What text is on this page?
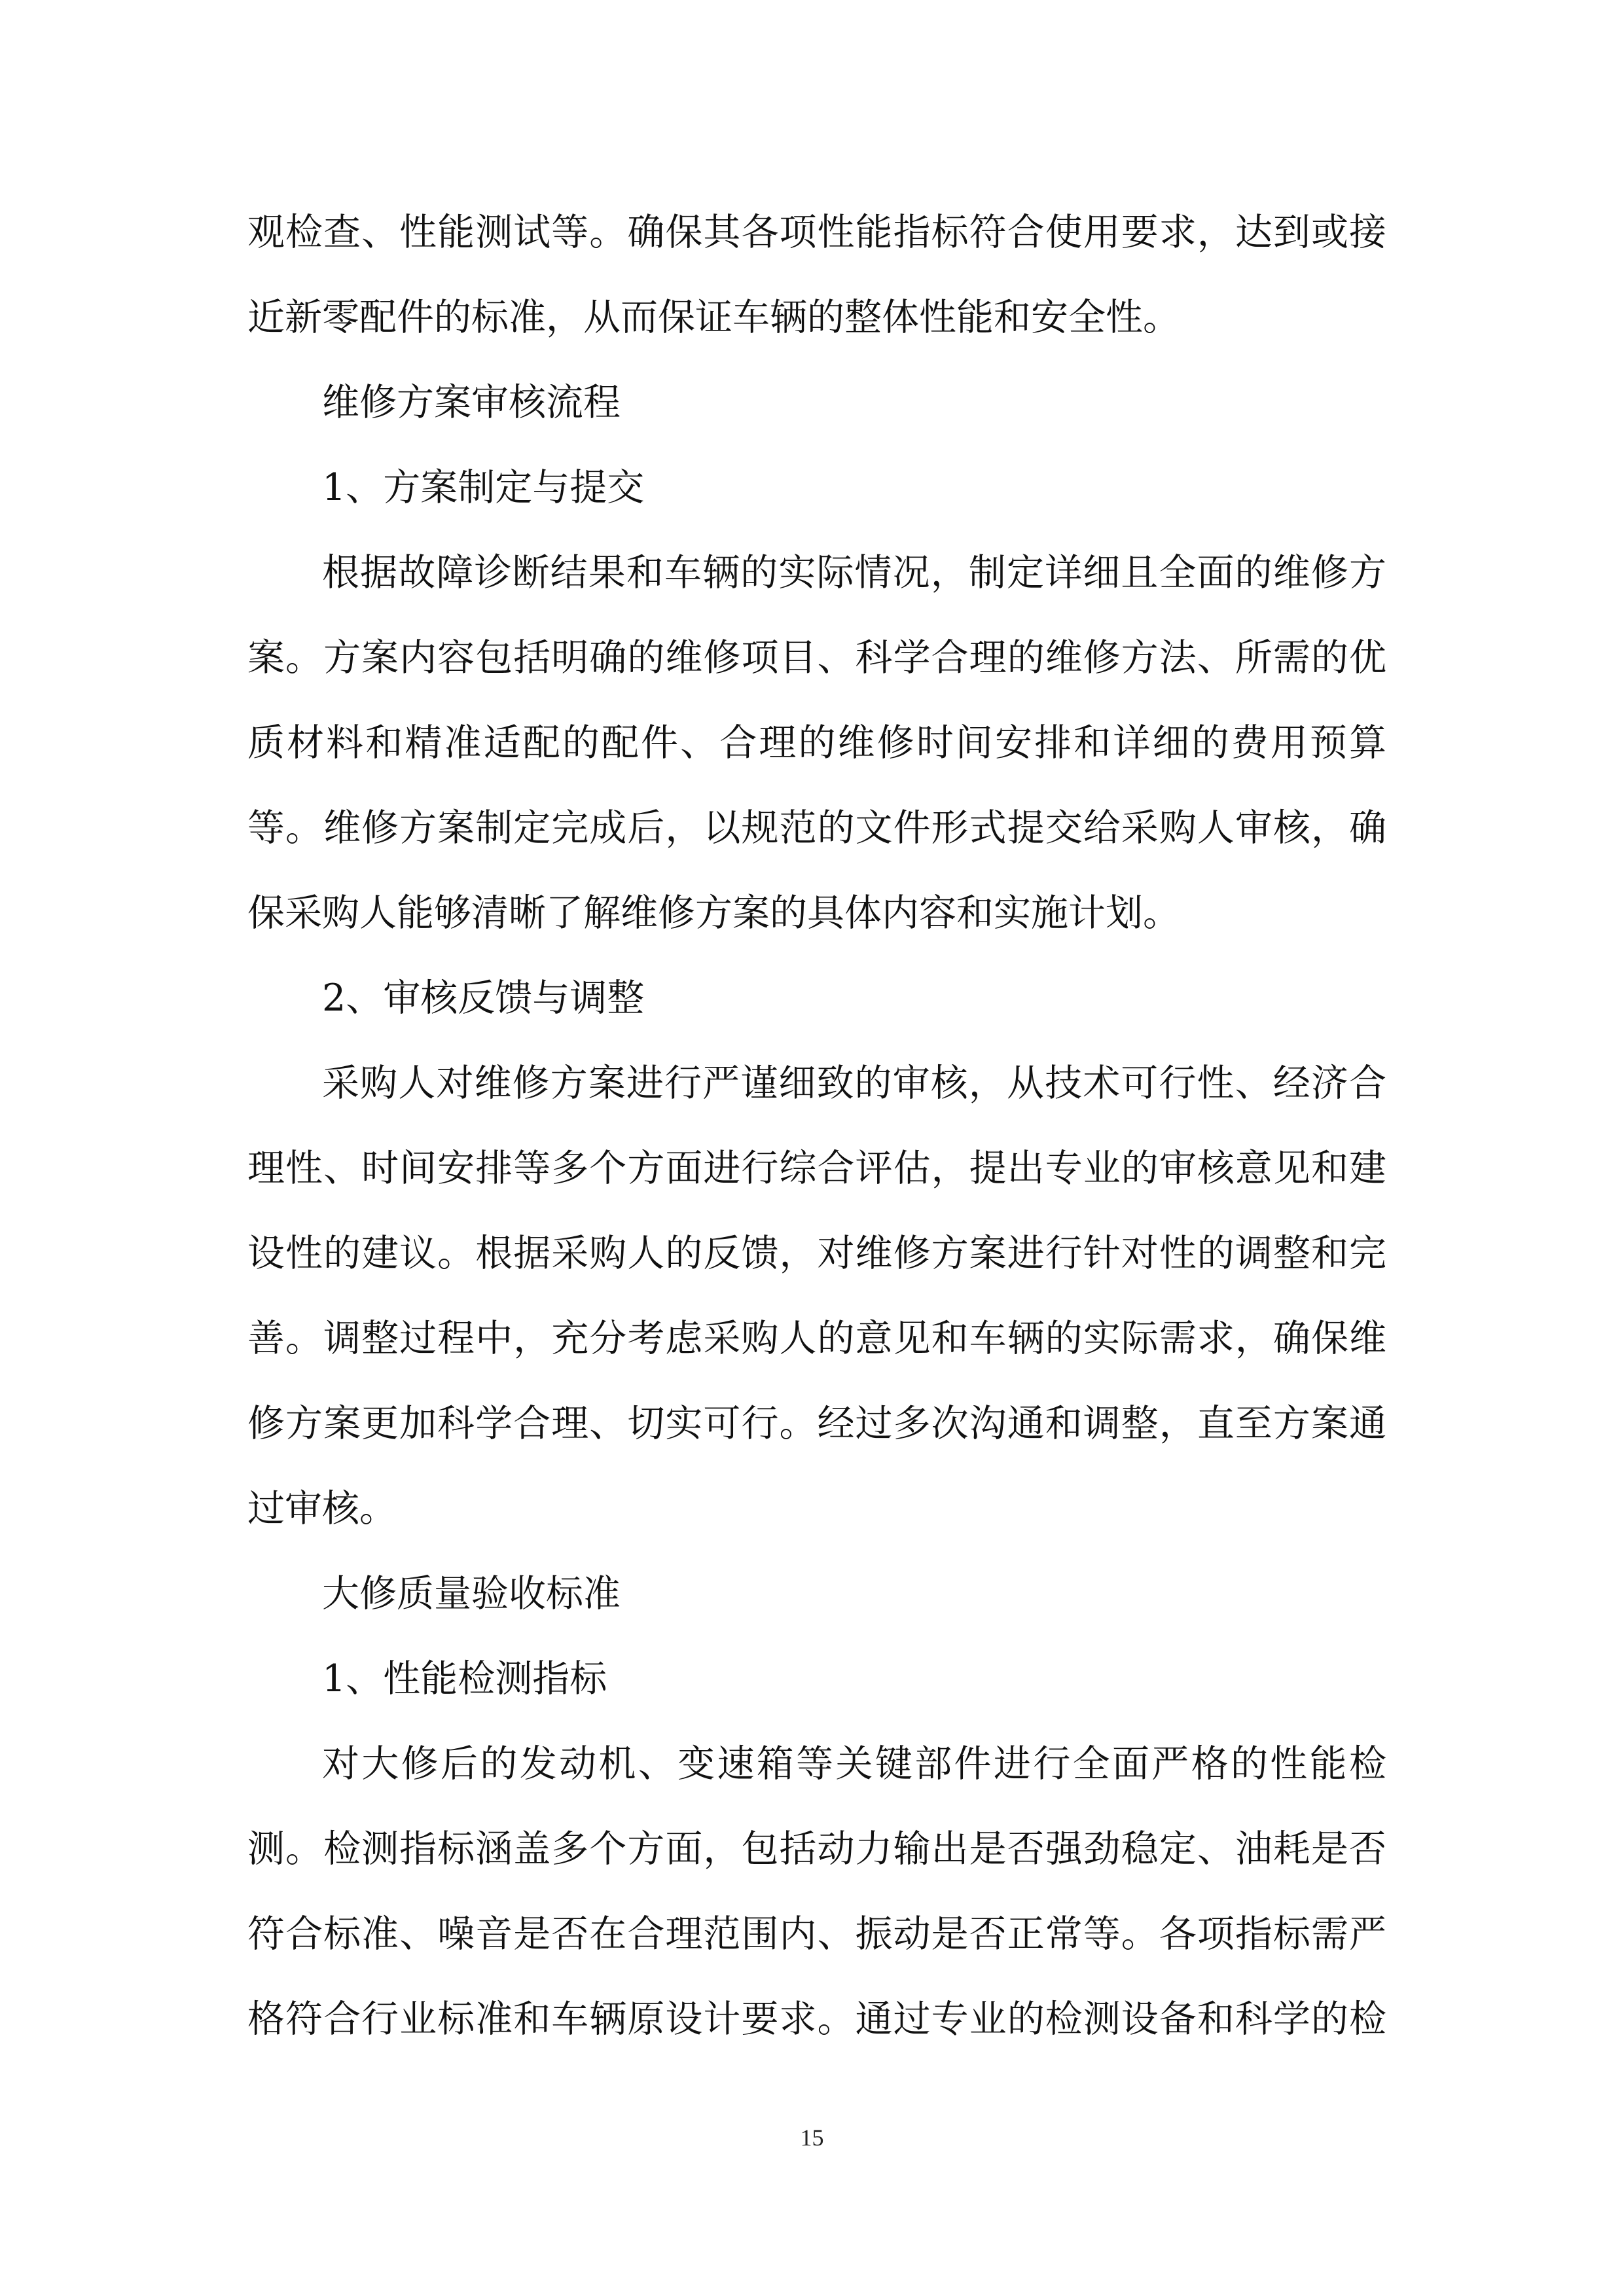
观检查、性能测试等。确保其各项性能指标符合使用要求，达到或接
近新零配件的标准，从而保证车辆的整体性能和安全性。
维修方案审核流程
1、方案制定与提交
根据故障诊断结果和车辆的实际情况，制定详细且全面的维修方
案。方案内容包括明确的维修项目、科学合理的维修方法、所需的优
质材料和精准适配的配件、合理的维修时间安排和详细的费用预算
等。维修方案制定完成后，以规范的文件形式提交给采购人审核，确
保采购人能够清晰了解维修方案的具体内容和实施计划。
2、审核反馈与调整
采购人对维修方案进行严谨细致的审核，从技术可行性、经济合
理性、时间安排等多个方面进行综合评估，提出专业的审核意见和建
设性的建议。根据采购人的反馈，对维修方案进行针对性的调整和完
善。调整过程中，充分考虑采购人的意见和车辆的实际需求，确保维
修方案更加科学合理、切实可行。经过多次沟通和调整，直至方案通
过审核。
大修质量验收标准
1、性能检测指标
对大修后的发动机、变速箱等关键部件进行全面严格的性能检
测。检测指标涵盖多个方面，包括动力输出是否强劲稳定、油耗是否
符合标准、噪音是否在合理范围内、振动是否正常等。各项指标需严
格符合行业标准和车辆原设计要求。通过专业的检测设备和科学的检
15
